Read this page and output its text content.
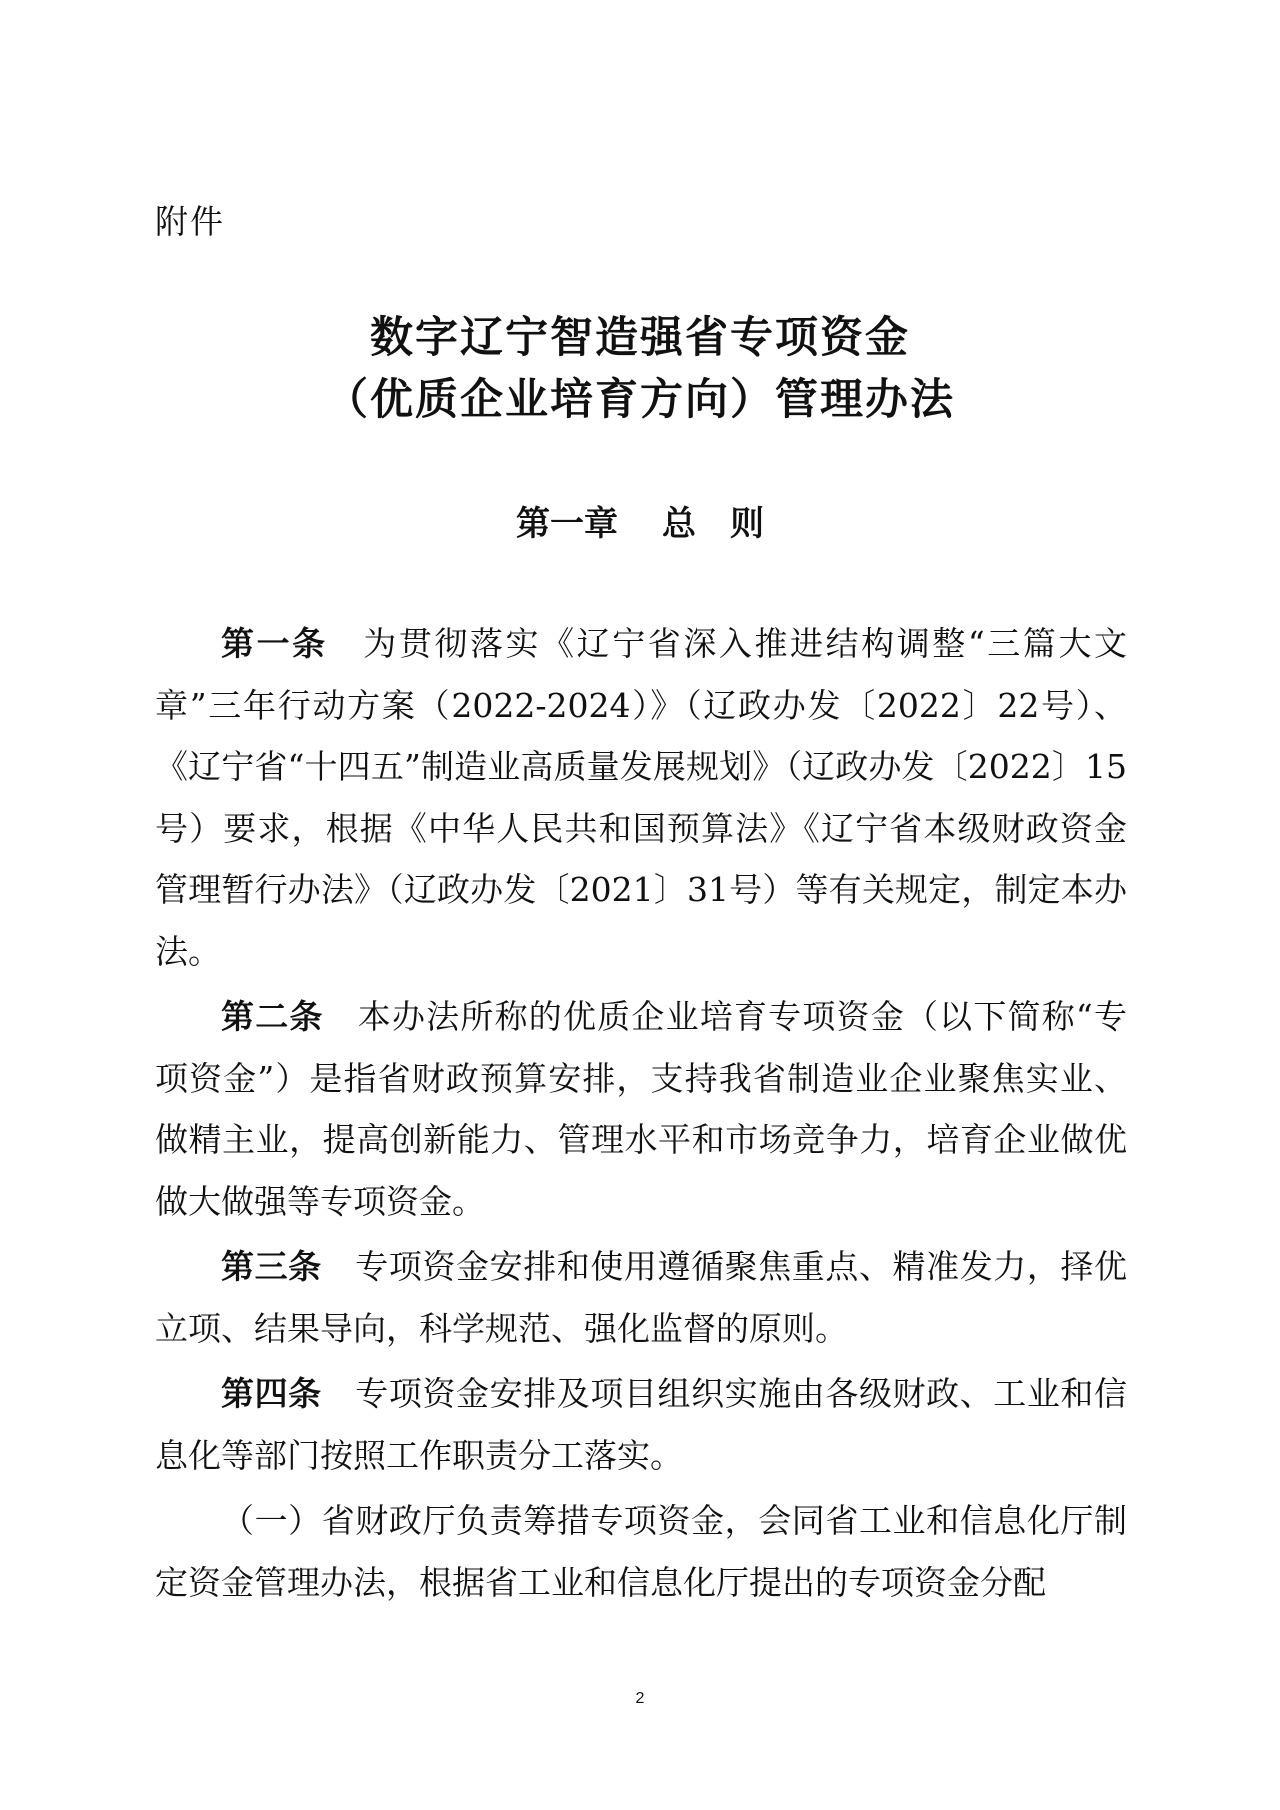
附件
数字辽宁智造强省专项资金
（优质企业培育方向）管理办法
第一章 总　则

第一条 为贯彻落实《辽宁省深入推进结构调整“三篇大文章”三年行动方案（2022-2024）》（辽政办发〔2022〕22号）、《辽宁省“十四五”制造业高质量发展规划》（辽政办发〔2022〕15号）要求，根据《中华人民共和国预算法》《辽宁省本级财政资金管理暂行办法》（辽政办发〔2021〕31号）等有关规定，制定本办法。

第二条 本办法所称的优质企业培育专项资金（以下简称“专项资金”）是指省财政预算安排，支持我省制造业企业聚焦实业、做精主业，提高创新能力、管理水平和市场竞争力，培育企业做优做大做强等专项资金。

第三条 专项资金安排和使用遵循聚焦重点、精准发力，择优立项、结果导向，科学规范、强化监督的原则。

第四条 专项资金安排及项目组织实施由各级财政、工业和信息化等部门按照工作职责分工落实。

（一）省财政厅负责筹措专项资金，会同省工业和信息化厅制定资金管理办法，根据省工业和信息化厅提出的专项资金分配

2
